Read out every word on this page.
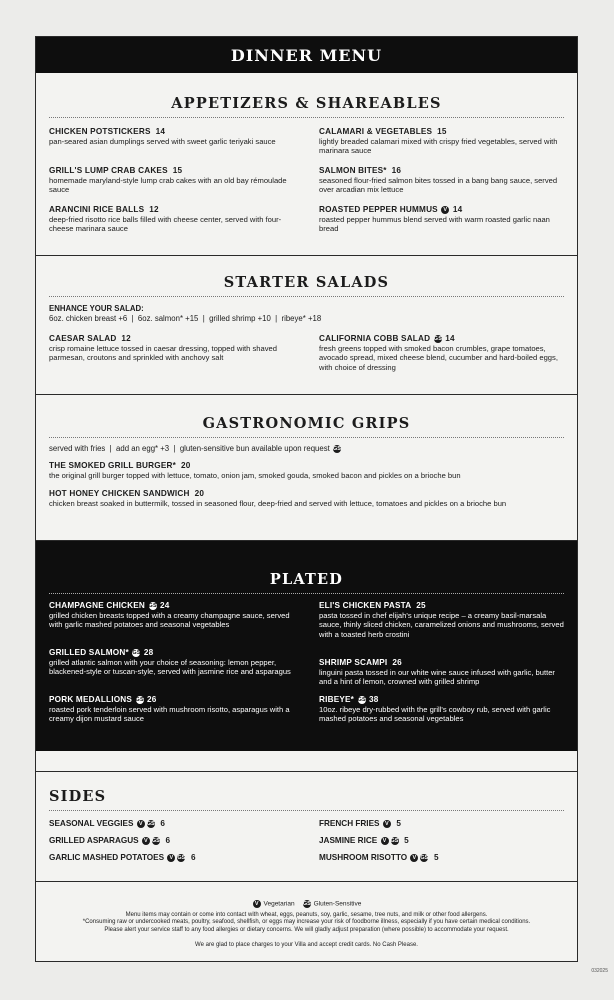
DINNER MENU
APPETIZERS & SHAREABLES
CHICKEN POTSTICKERS 14
pan-seared asian dumplings served with sweet garlic teriyaki sauce
GRILL'S LUMP CRAB CAKES 15
homemade maryland-style lump crab cakes with an old bay rémoulade sauce
ARANCINI RICE BALLS 12
deep-fried risotto rice balls filled with cheese center, served with four-cheese marinara sauce
CALAMARI & VEGETABLES 15
lightly breaded calamari mixed with crispy fried vegetables, served with marinara sauce
SALMON BITES* 16
seasoned flour-fried salmon bites tossed in a bang bang sauce, served over arcadian mix lettuce
ROASTED PEPPER HUMMUS V 14
roasted pepper hummus blend served with warm roasted garlic naan bread
STARTER SALADS
ENHANCE YOUR SALAD:
6oz. chicken breast +6  |  6oz. salmon* +15  |  grilled shrimp +10  |  ribeye* +18
CAESAR SALAD 12
crisp romaine lettuce tossed in caesar dressing, topped with shaved parmesan, croutons and sprinkled with anchovy salt
CALIFORNIA COBB SALAD GS 14
fresh greens topped with smoked bacon crumbles, grape tomatoes, avocado spread, mixed cheese blend, cucumber and hard-boiled eggs, with choice of dressing
GASTRONOMIC GRIPS
served with fries  |  add an egg* +3  |  gluten-sensitive bun available upon request GS
THE SMOKED GRILL BURGER* 20
the original grill burger topped with lettuce, tomato, onion jam, smoked gouda, smoked bacon and pickles on a brioche bun
HOT HONEY CHICKEN SANDWICH 20
chicken breast soaked in buttermilk, tossed in seasoned flour, deep-fried and served with lettuce, tomatoes and pickles on a brioche bun
PLATED
CHAMPAGNE CHICKEN GS 24
grilled chicken breasts topped with a creamy champagne sauce, served with garlic mashed potatoes and seasonal vegetables
GRILLED SALMON* GS 28
grilled atlantic salmon with your choice of seasoning: lemon pepper, blackened-style or tuscan-style, served with jasmine rice and asparagus
PORK MEDALLIONS GS 26
roasted pork tenderloin served with mushroom risotto, asparagus with a creamy dijon mustard sauce
ELI'S CHICKEN PASTA 25
pasta tossed in chef elijah's unique recipe – a creamy basil-marsala sauce, thinly sliced chicken, caramelized onions and mushrooms, served with a toasted herb crostini
SHRIMP SCAMPI 26
linguini pasta tossed in our white wine sauce infused with garlic, butter and a hint of lemon, crowned with grilled shrimp
RIBEYE* GS 38
10oz. ribeye dry-rubbed with the grill's cowboy rub, served with garlic mashed potatoes and seasonal vegetables
SIDES
SEASONAL VEGGIES V GS 6
GRILLED ASPARAGUS V GS 6
GARLIC MASHED POTATOES V GS 6
FRENCH FRIES V 5
JASMINE RICE V GS 5
MUSHROOM RISOTTO V GS 5
V Vegetarian GS Gluten-Sensitive
Menu items may contain or come into contact with wheat, eggs, peanuts, soy, garlic, sesame, tree nuts, and milk or other food allergens.
*Consuming raw or undercooked meats, poultry, seafood, shellfish, or eggs may increase your risk of foodborne illness, especially if you have certain medical conditions.
Please alert your service staff to any food allergies or dietary concerns. We will gladly adjust preparation (where possible) to accommodate your request.
We are glad to place charges to your Villa and accept credit cards. No Cash Please.
032025
